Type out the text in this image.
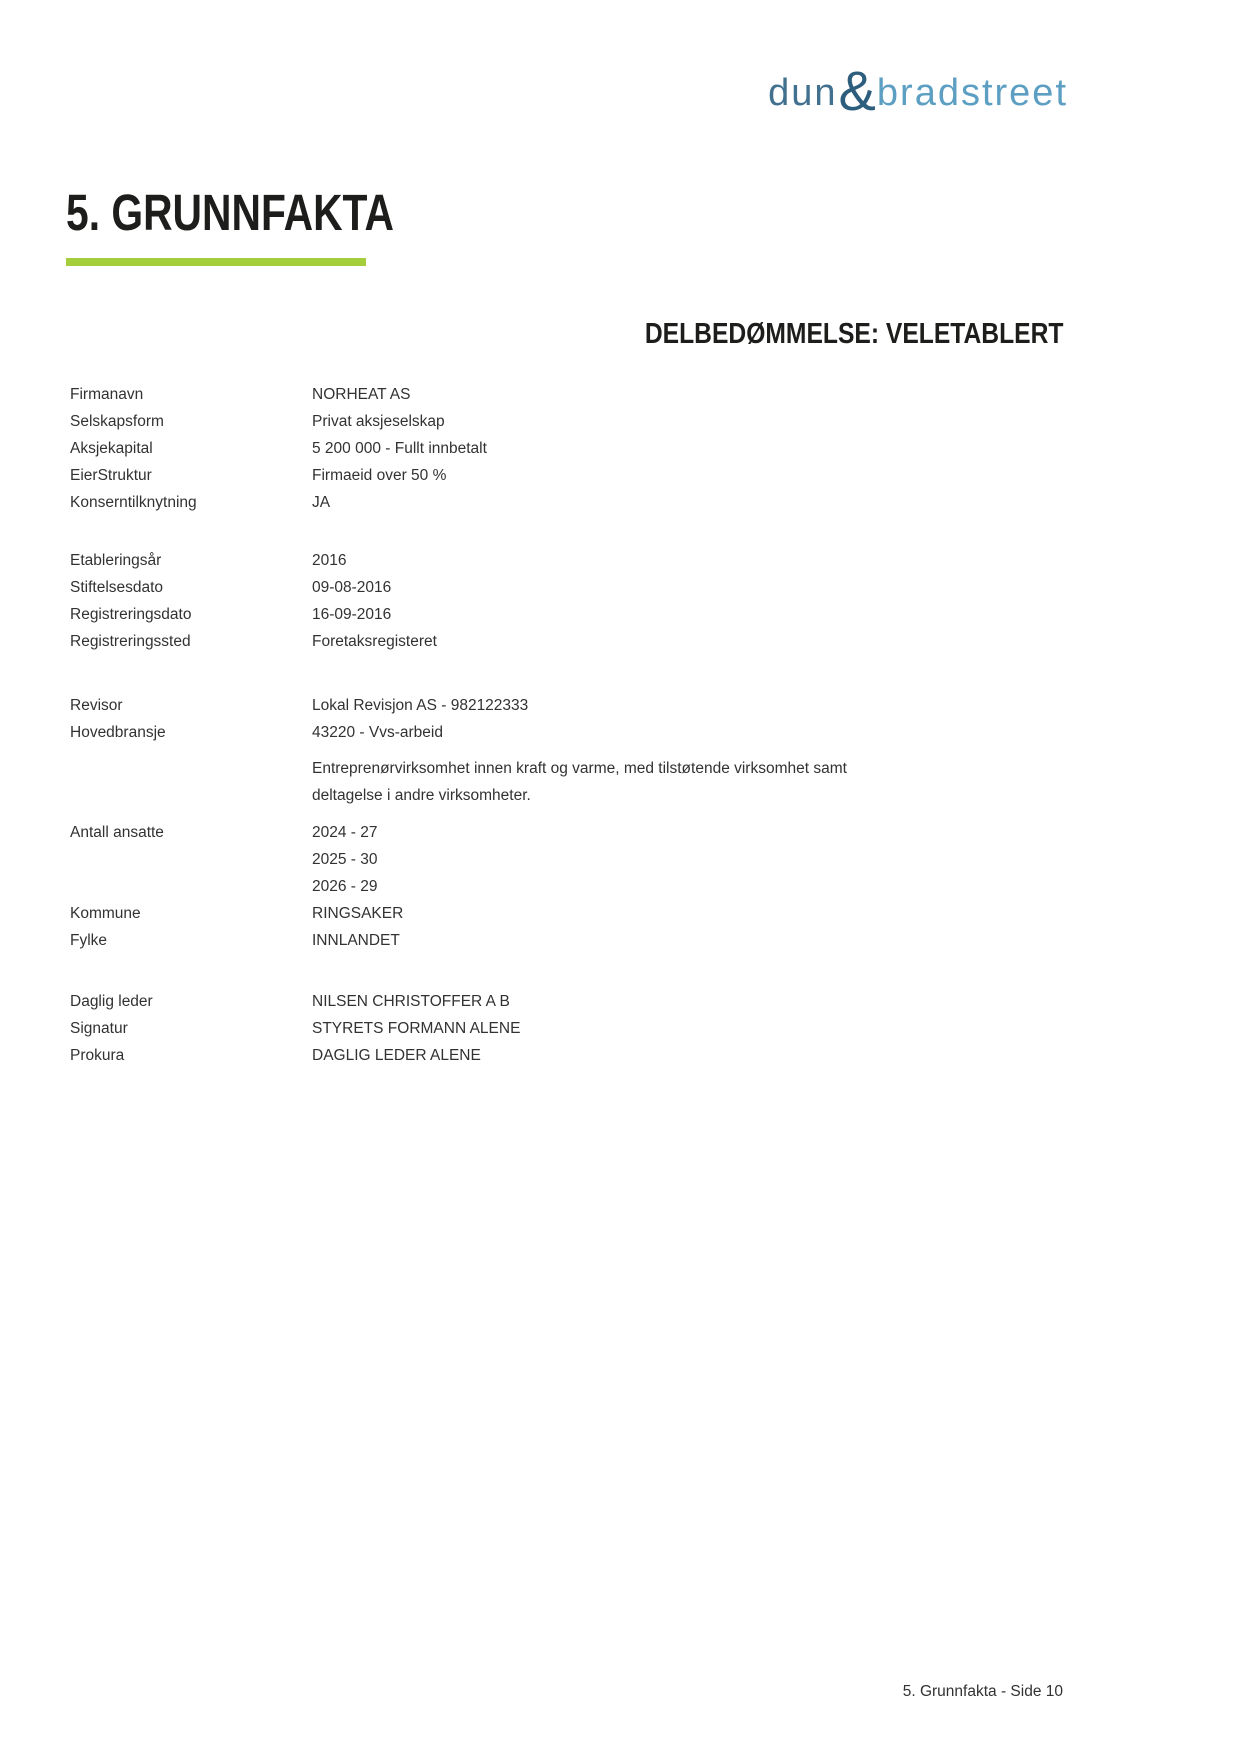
dun & bradstreet
5. GRUNNFAKTA
DELBEDØMMELSE: VELETABLERT
Firmanavn	NORHEAT AS
Selskapsform	Privat aksjeselskap
Aksjekapital	5 200 000 - Fullt innbetalt
EierStruktur	Firmaeid over 50 %
Konserntilknytning	JA
Etableringsår	2016
Stiftelsesdato	09-08-2016
Registreringsdato	16-09-2016
Registreringssted	Foretaksregisteret
Revisor	Lokal Revisjon AS - 982122333
Hovedbransje	43220 - Vvs-arbeid
Entreprenørvirksomhet innen kraft og varme, med tilstøtende virksomhet samt
deltagelse i andre virksomheter.
Antall ansatte	2024 - 27
2025 - 30
2026 - 29
Kommune	RINGSAKER
Fylke	INNLANDET
Daglig leder	NILSEN CHRISTOFFER A B
Signatur	STYRETS FORMANN ALENE
Prokura	DAGLIG LEDER ALENE
5. Grunnfakta - Side 10
